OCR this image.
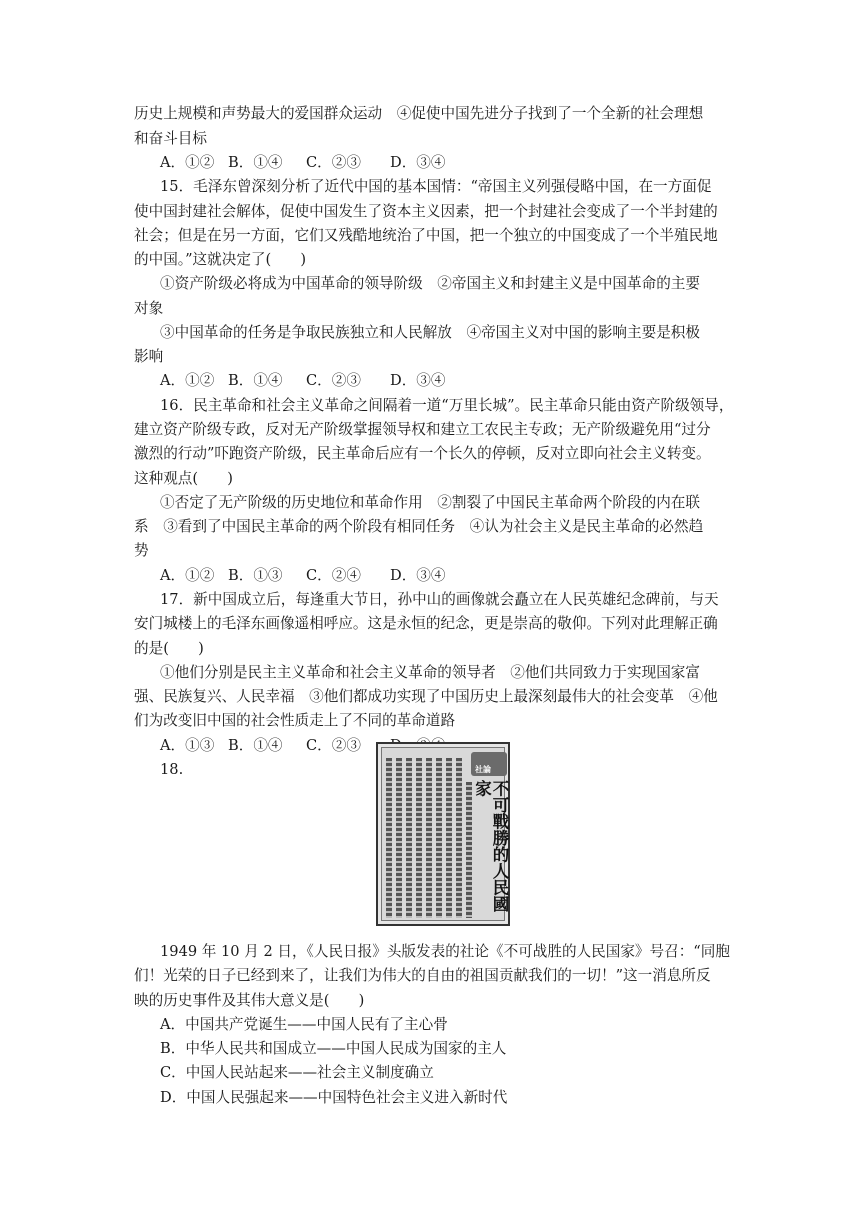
历史上规模和声势最大的爱国群众运动　④促使中国先进分子找到了一个全新的社会理想
和奋斗目标
A．①② B．①④ C．②③ D．③④
15．毛泽东曾深刻分析了近代中国的基本国情：“帝国主义列强侵略中国，在一方面促
使中国封建社会解体，促使中国发生了资本主义因素，把一个封建社会变成了一个半封建的
社会；但是在另一方面，它们又残酷地统治了中国，把一个独立的中国变成了一个半殖民地
的中国。”这就决定了(　　)
①资产阶级必将成为中国革命的领导阶级　②帝国主义和封建主义是中国革命的主要
对象
③中国革命的任务是争取民族独立和人民解放　④帝国主义对中国的影响主要是积极
影响
A．①② B．①④ C．②③ D．③④
16．民主革命和社会主义革命之间隔着一道“万里长城”。民主革命只能由资产阶级领导，
建立资产阶级专政，反对无产阶级掌握领导权和建立工农民主专政；无产阶级避免用“过分
激烈的行动”吓跑资产阶级，民主革命后应有一个长久的停顿，反对立即向社会主义转变。
这种观点(　　)
①否定了无产阶级的历史地位和革命作用　②割裂了中国民主革命两个阶段的内在联
系　③看到了中国民主革命的两个阶段有相同任务　④认为社会主义是民主革命的必然趋
势
A．①② B．①③ C．②④ D．③④
17．新中国成立后，每逢重大节日，孙中山的画像就会矗立在人民英雄纪念碑前，与天
安门城楼上的毛泽东画像遥相呼应。这是永恒的纪念，更是崇高的敬仰。下列对此理解正确
的是(　　)
①他们分别是民主主义革命和社会主义革命的领导者　②他们共同致力于实现国家富
强、民族复兴、人民幸福　③他们都成功实现了中国历史上最深刻最伟大的社会变革　④他
们为改变旧中国的社会性质走上了不同的革命道路
A．①③ B．①④ C．②③
18.	社論
不可戰勝的人民國家
1949 年 10 月 2 日，《人民日报》头版发表的社论《不可战胜的人民国家》号召：“同胞
们！光荣的日子已经到来了，让我们为伟大的自由的祖国贡献我们的一切！”这一消息所反
映的历史事件及其伟大意义是(　　)
A．中国共产党诞生——中国人民有了主心骨
B．中华人民共和国成立——中国人民成为国家的主人
C．中国人民站起来——社会主义制度确立
D．中国人民强起来——中国特色社会主义进入新时代
